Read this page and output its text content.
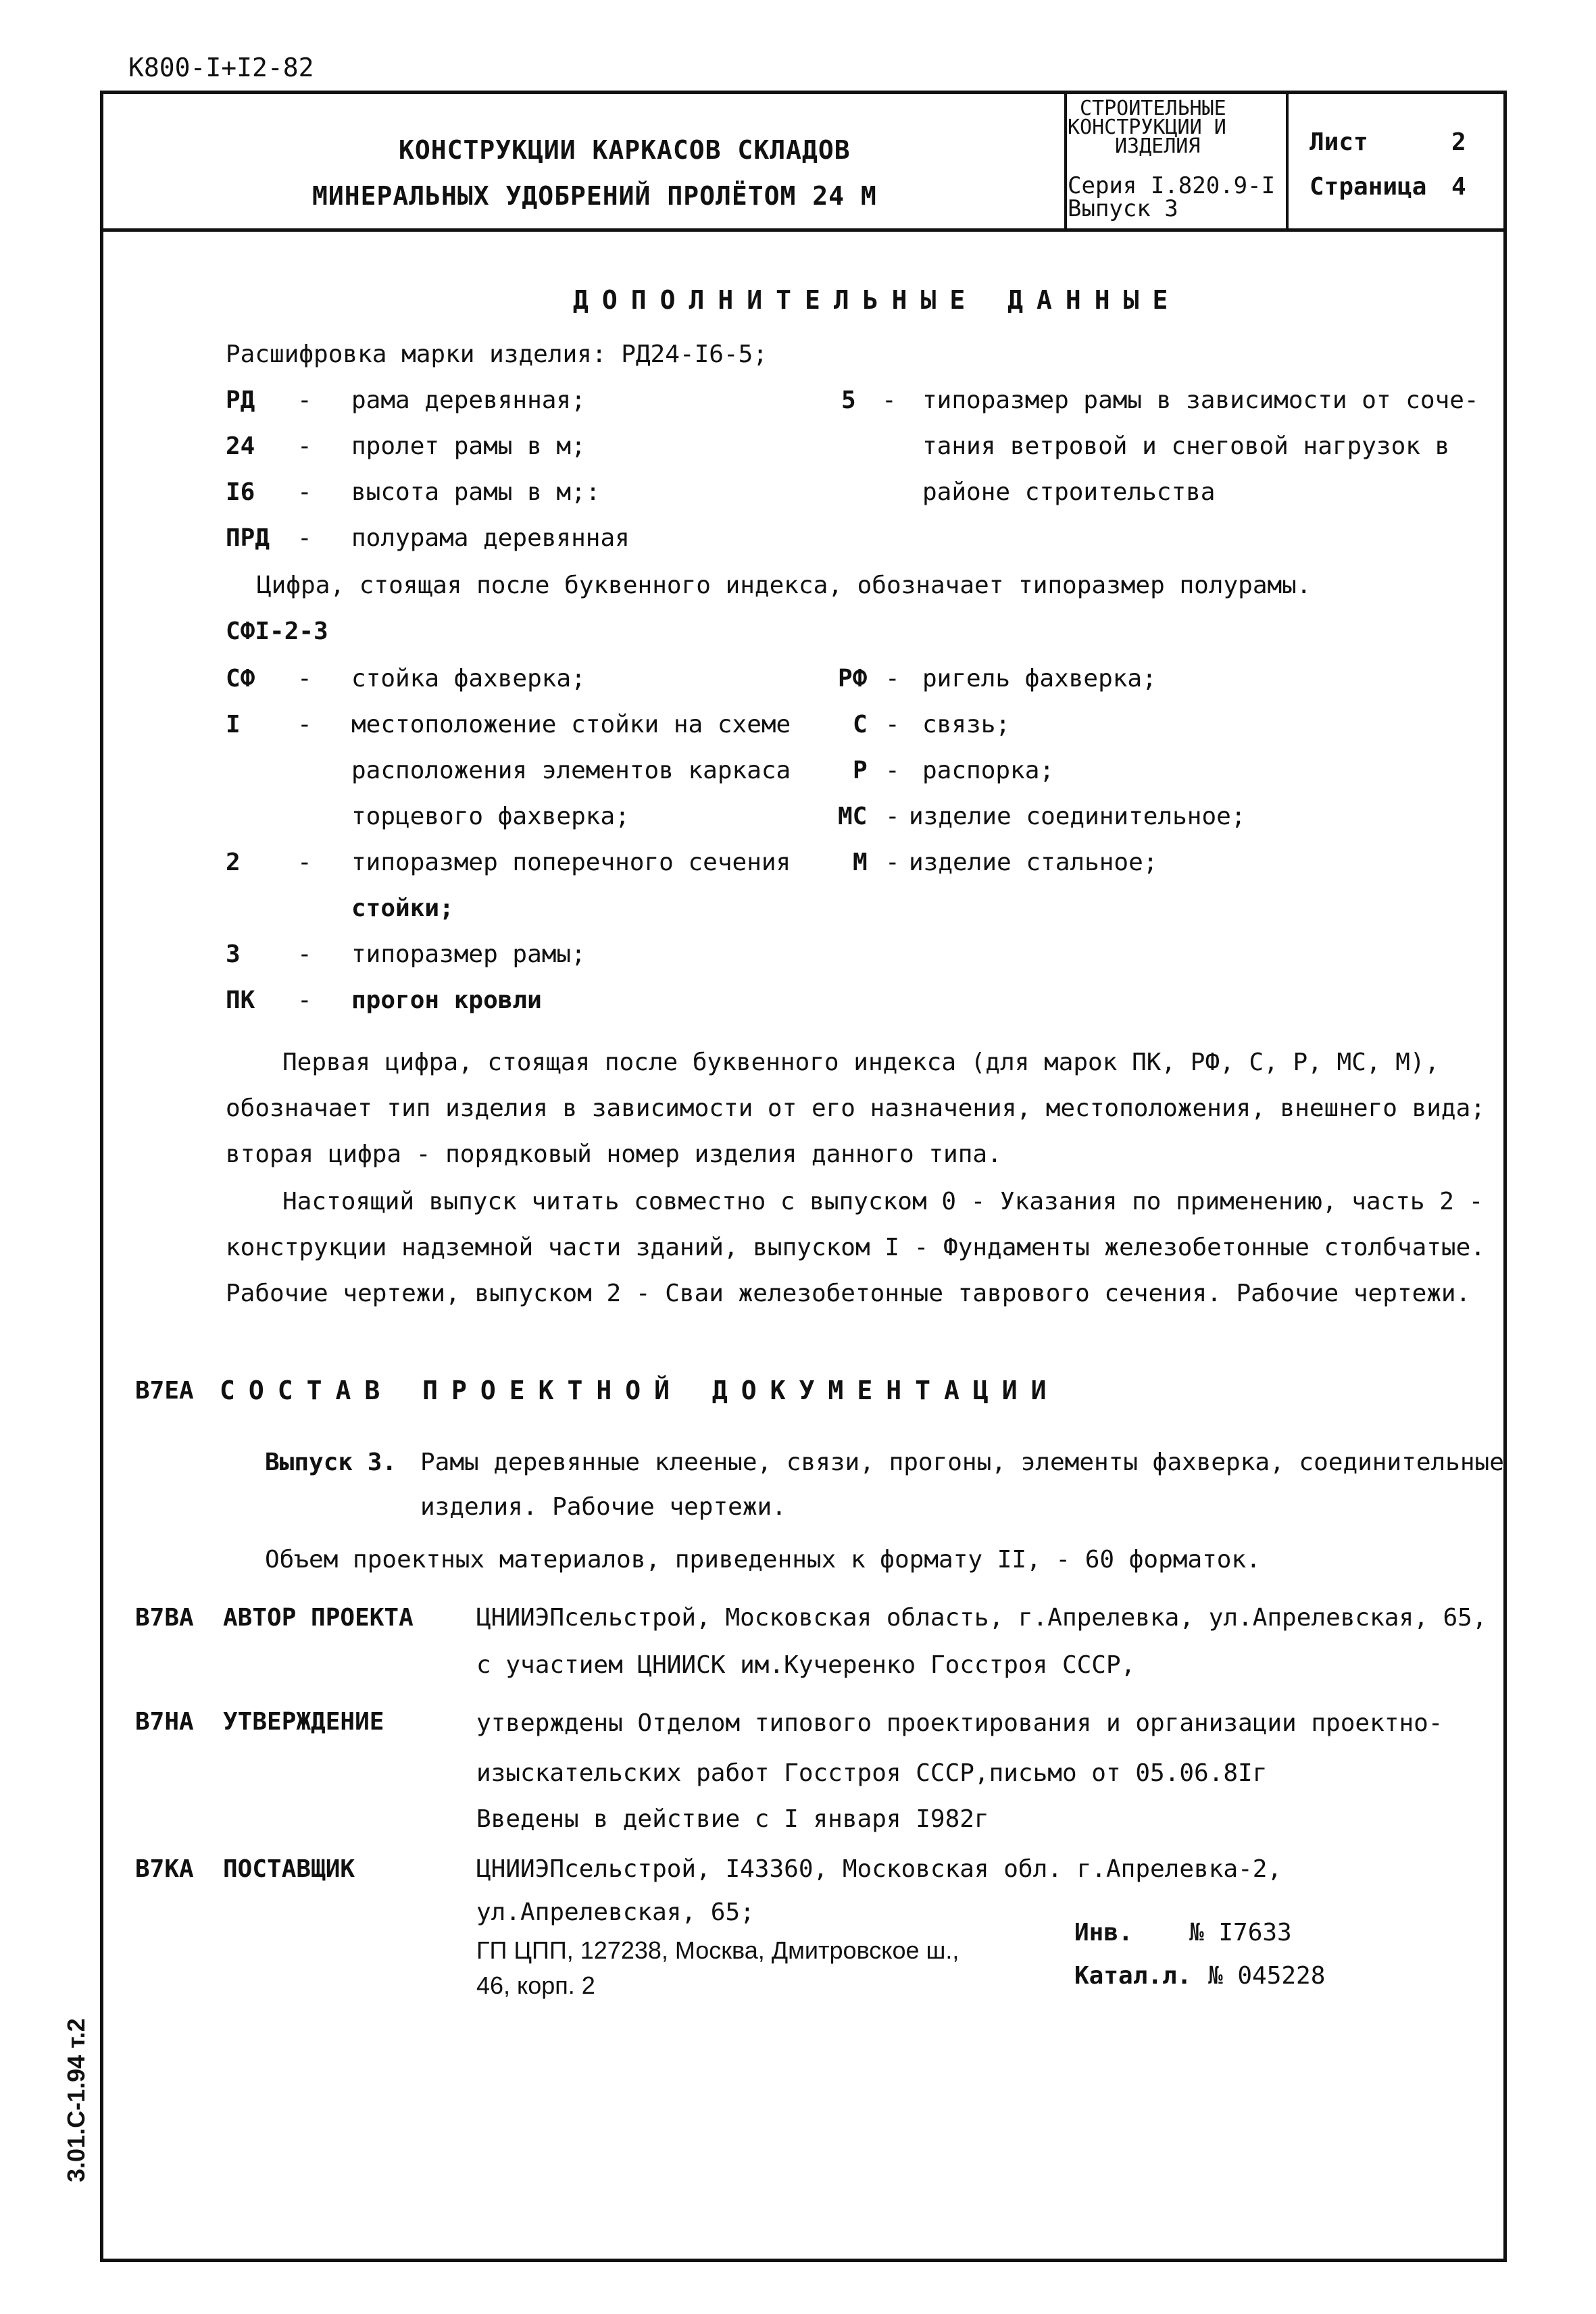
К800-I+I2-82
КОНСТРУКЦИИ КАРКАСОВ СКЛАДОВ
МИНЕРАЛЬНЫХ УДОБРЕНИЙ ПРОЛЁТОМ 24 М
СТРОИТЕЛЬНЫЕ
КОНСТРУКЦИИ И
ИЗДЕЛИЯ
Серия I.820.9-I
Выпуск 3
Лист	2
Страница 4
ДОПОЛНИТЕЛЬНЫЕ ДАННЫЕ
Расшифровка марки изделия: РД24-I6-5;
РД - рама деревянная;
24 - пролет рамы в м;
I6 - высота рамы в м;:
ПРД - полурама деревянная
5 - типоразмер рамы в зависимости от соче-
тания ветровой и снеговой нагрузок в
районе строительства
Цифра, стоящая после буквенного индекса, обозначает типоразмер полурамы.
СФI-2-3
СФ - стойка фахверка;
I - местоположение стойки на схеме
расположения элементов каркаса
торцевого фахверка;
2 - типоразмер поперечного сечения
стойки;
3 - типоразмер рамы;
ПК - прогон кровли
РФ - ригель фахверка;
С - связь;
Р - распорка;
МС - изделие соединительное;
М - изделие стальное;
Первая цифра, стоящая после буквенного индекса (для марок ПК, РФ, С, Р, МС, М),
обозначает тип изделия в зависимости от его назначения, местоположения, внешнего вида;
вторая цифра - порядковый номер изделия данного типа.
Настоящий выпуск читать совместно с выпуском 0 - Указания по применению, часть 2 -
конструкции надземной части зданий, выпуском I - Фундаменты железобетонные столбчатые.
Рабочие чертежи, выпуском 2 - Сваи железобетонные таврового сечения. Рабочие чертежи.
В7ЕА СОСТАВ ПРОЕКТНОЙ ДОКУМЕНТАЦИИ
Выпуск 3. Рамы деревянные клееные, связи, прогоны, элементы фахверка, соединительные
изделия. Рабочие чертежи.
Объем проектных материалов, приведенных к формату II, - 60 форматок.
В7ВА АВТОР ПРОЕКТА	ЦНИИЭПсельстрой, Московская область, г.Апрелевка, ул.Апрелевская, 65,
с участием ЦНИИСК им.Кучеренко Госстроя СССР,
В7НА УТВЕРЖДЕНИЕ	утверждены Отделом типового проектирования и организации проектно-
изыскательских работ Госстроя СССР,письмо от 05.06.8Iг
Введены в действие с I января I982г
В7КА ПОСТАВЩИК	ЦНИИЭПсельстрой, I43360, Московская обл. г.Апрелевка-2,
ул.Апрелевская, 65;
ГП ЦПП, 127238, Москва, Дмитровское ш.,
46, корп. 2
Инв. № I7633
Катал.л. № 045228
3.01.С-1.94 т.2
